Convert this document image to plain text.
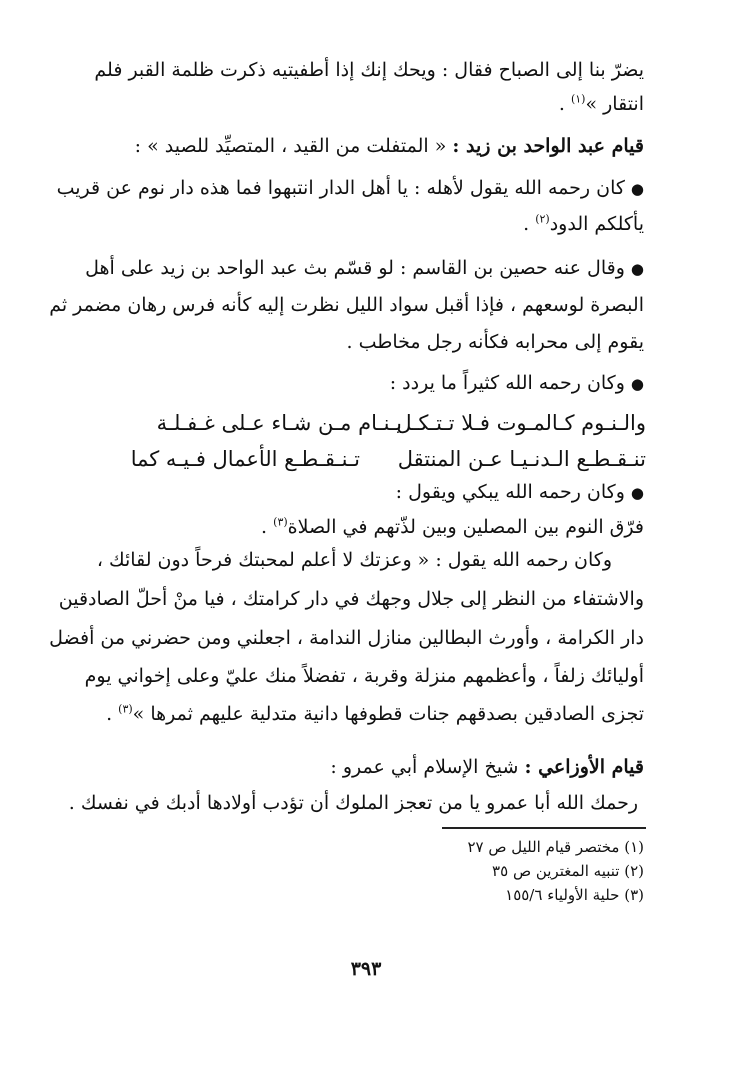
يضرّ بنا إلى الصباح فقال : ويحك إنك إذا أطفيتيه ذكرت ظلمة القبر فلم
انتقار »$^{(١)}$ .
قيام عبد الواحد بن زيد : « المتفلت من القيد ، المتصيِّد للصيد » :
●كان رحمه الله يقول لأهله : يا أهل الدار انتبهوا فما هذه دار نوم عن قريب
يأكلكم الدود$^{(٢)}$ .
●وقال عنه حصين بن القاسم : لو قسّم بث عبد الواحد بن زيد على أهل
البصرة لوسعهم ، فإذا أقبل سواد الليل نظرت إليه كأنه فرس رهان مضمر ثم
يقوم إلى محرابه فكأنه رجل مخاطب .
●وكان رحمه الله كثيراً ما يردد :
يـنـام مـن شـاء عـلى غـفـلـة
والـنـوم كـالمـوت فـلا تـتـكـل
تـنـقـطـع الأعمال فـيـه كما تنـقـطـع الـدنـيـا عـن المنتقل
●وكان رحمه الله يبكي ويقول :
فرّق النوم بين المصلين وبين لذّتهم في الصلاة$^{(٣)}$ .
وكان رحمه الله يقول : « وعزتك لا أعلم لمحبتك فرحاً دون لقائك ،
والاشتفاء من النظر إلى جلال وجهك في دار كرامتك ، فيا منْ أحلّ الصادقين
دار الكرامة ، وأورث البطالين منازل الندامة ، اجعلني ومن حضرني من أفضل
أوليائك زلفاً ، وأعظمهم منزلة وقربة ، تفضلاً منك عليّ وعلى إخواني يوم
تجزى الصادقين بصدقهم جنات قطوفها دانية متدلية عليهم ثمرها »$^{(٣)}$ .
قيام الأوزاعي : شيخ الإسلام أبي عمرو :
رحمك الله أبا عمرو يا من تعجز الملوك أن تؤدب أولادها أدبك في نفسك .
(١) مختصر قيام الليل ص ٢٧
(٢) تنبيه المغترين ص ٣٥
(٣) حلية الأولياء ١٥٥/٦
٣٩٣
